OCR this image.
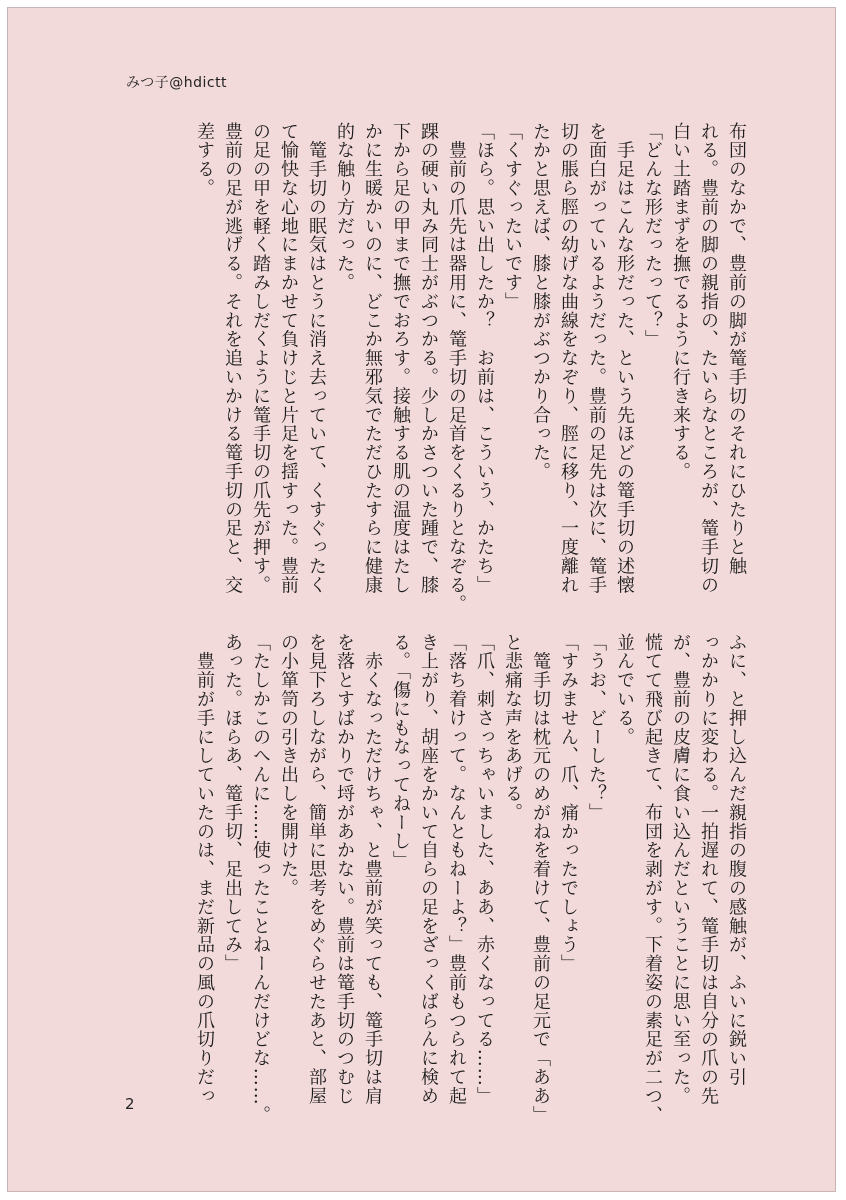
みつ子@hdictt
布団のなかで、豊前の脚が篭手切のそれにひたりと触
れる。豊前の脚の親指の、たいらなところが、篭手切の
白い土踏まずを撫でるように行き来する。
「どんな形だったって？」
　手足はこんな形だった、という先ほどの篭手切の述懐
を面白がっているようだった。豊前の足先は次に、篭手
切の脹ら脛の幼げな曲線をなぞり、脛に移り、一度離れ
たかと思えば、膝と膝がぶつかり合った。
「くすぐったいです」
「ほら。思い出したか？　お前は、こういう、かたち」
　豊前の爪先は器用に、篭手切の足首をくるりとなぞる。
踝の硬い丸み同士がぶつかる。少しかさついた踵で、膝
下から足の甲まで撫でおろす。接触する肌の温度はたし
かに生暖かいのに、どこか無邪気でただひたすらに健康
的な触り方だった。
　篭手切の眠気はとうに消え去っていて、くすぐったく
て愉快な心地にまかせて負けじと片足を揺すった。豊前
の足の甲を軽く踏みしだくように篭手切の爪先が押す。
豊前の足が逃げる。それを追いかける篭手切の足と、交
差する。
ふに、と押し込んだ親指の腹の感触が、ふいに鋭い引
っかかりに変わる。一拍遅れて、篭手切は自分の爪の先
が、豊前の皮膚に食い込んだということに思い至った。
慌てて飛び起きて、布団を剥がす。下着姿の素足が二つ、
並んでいる。
「うお、どーした？」
「すみません、爪、痛かったでしょう」
　篭手切は枕元のめがねを着けて、豊前の足元で「ああ」
と悲痛な声をあげる。
「爪、刺さっちゃいました、ああ、赤くなってる……」
「落ち着けって。なんともねーよ？」豊前もつられて起
き上がり、胡座をかいて自らの足をざっくばらんに検め
る。「傷にもなってねーし」
　赤くなっただけちゃ、と豊前が笑っても、篭手切は肩
を落とすばかりで埒があかない。豊前は篭手切のつむじ
を見下ろしながら、簡単に思考をめぐらせたあと、部屋
の小箪笥の引き出しを開けた。
「たしかこのへんに……使ったことねーんだけどな……。
あった。ほらあ、篭手切、足出してみ」
　豊前が手にしていたのは、まだ新品の風の爪切りだっ
2
